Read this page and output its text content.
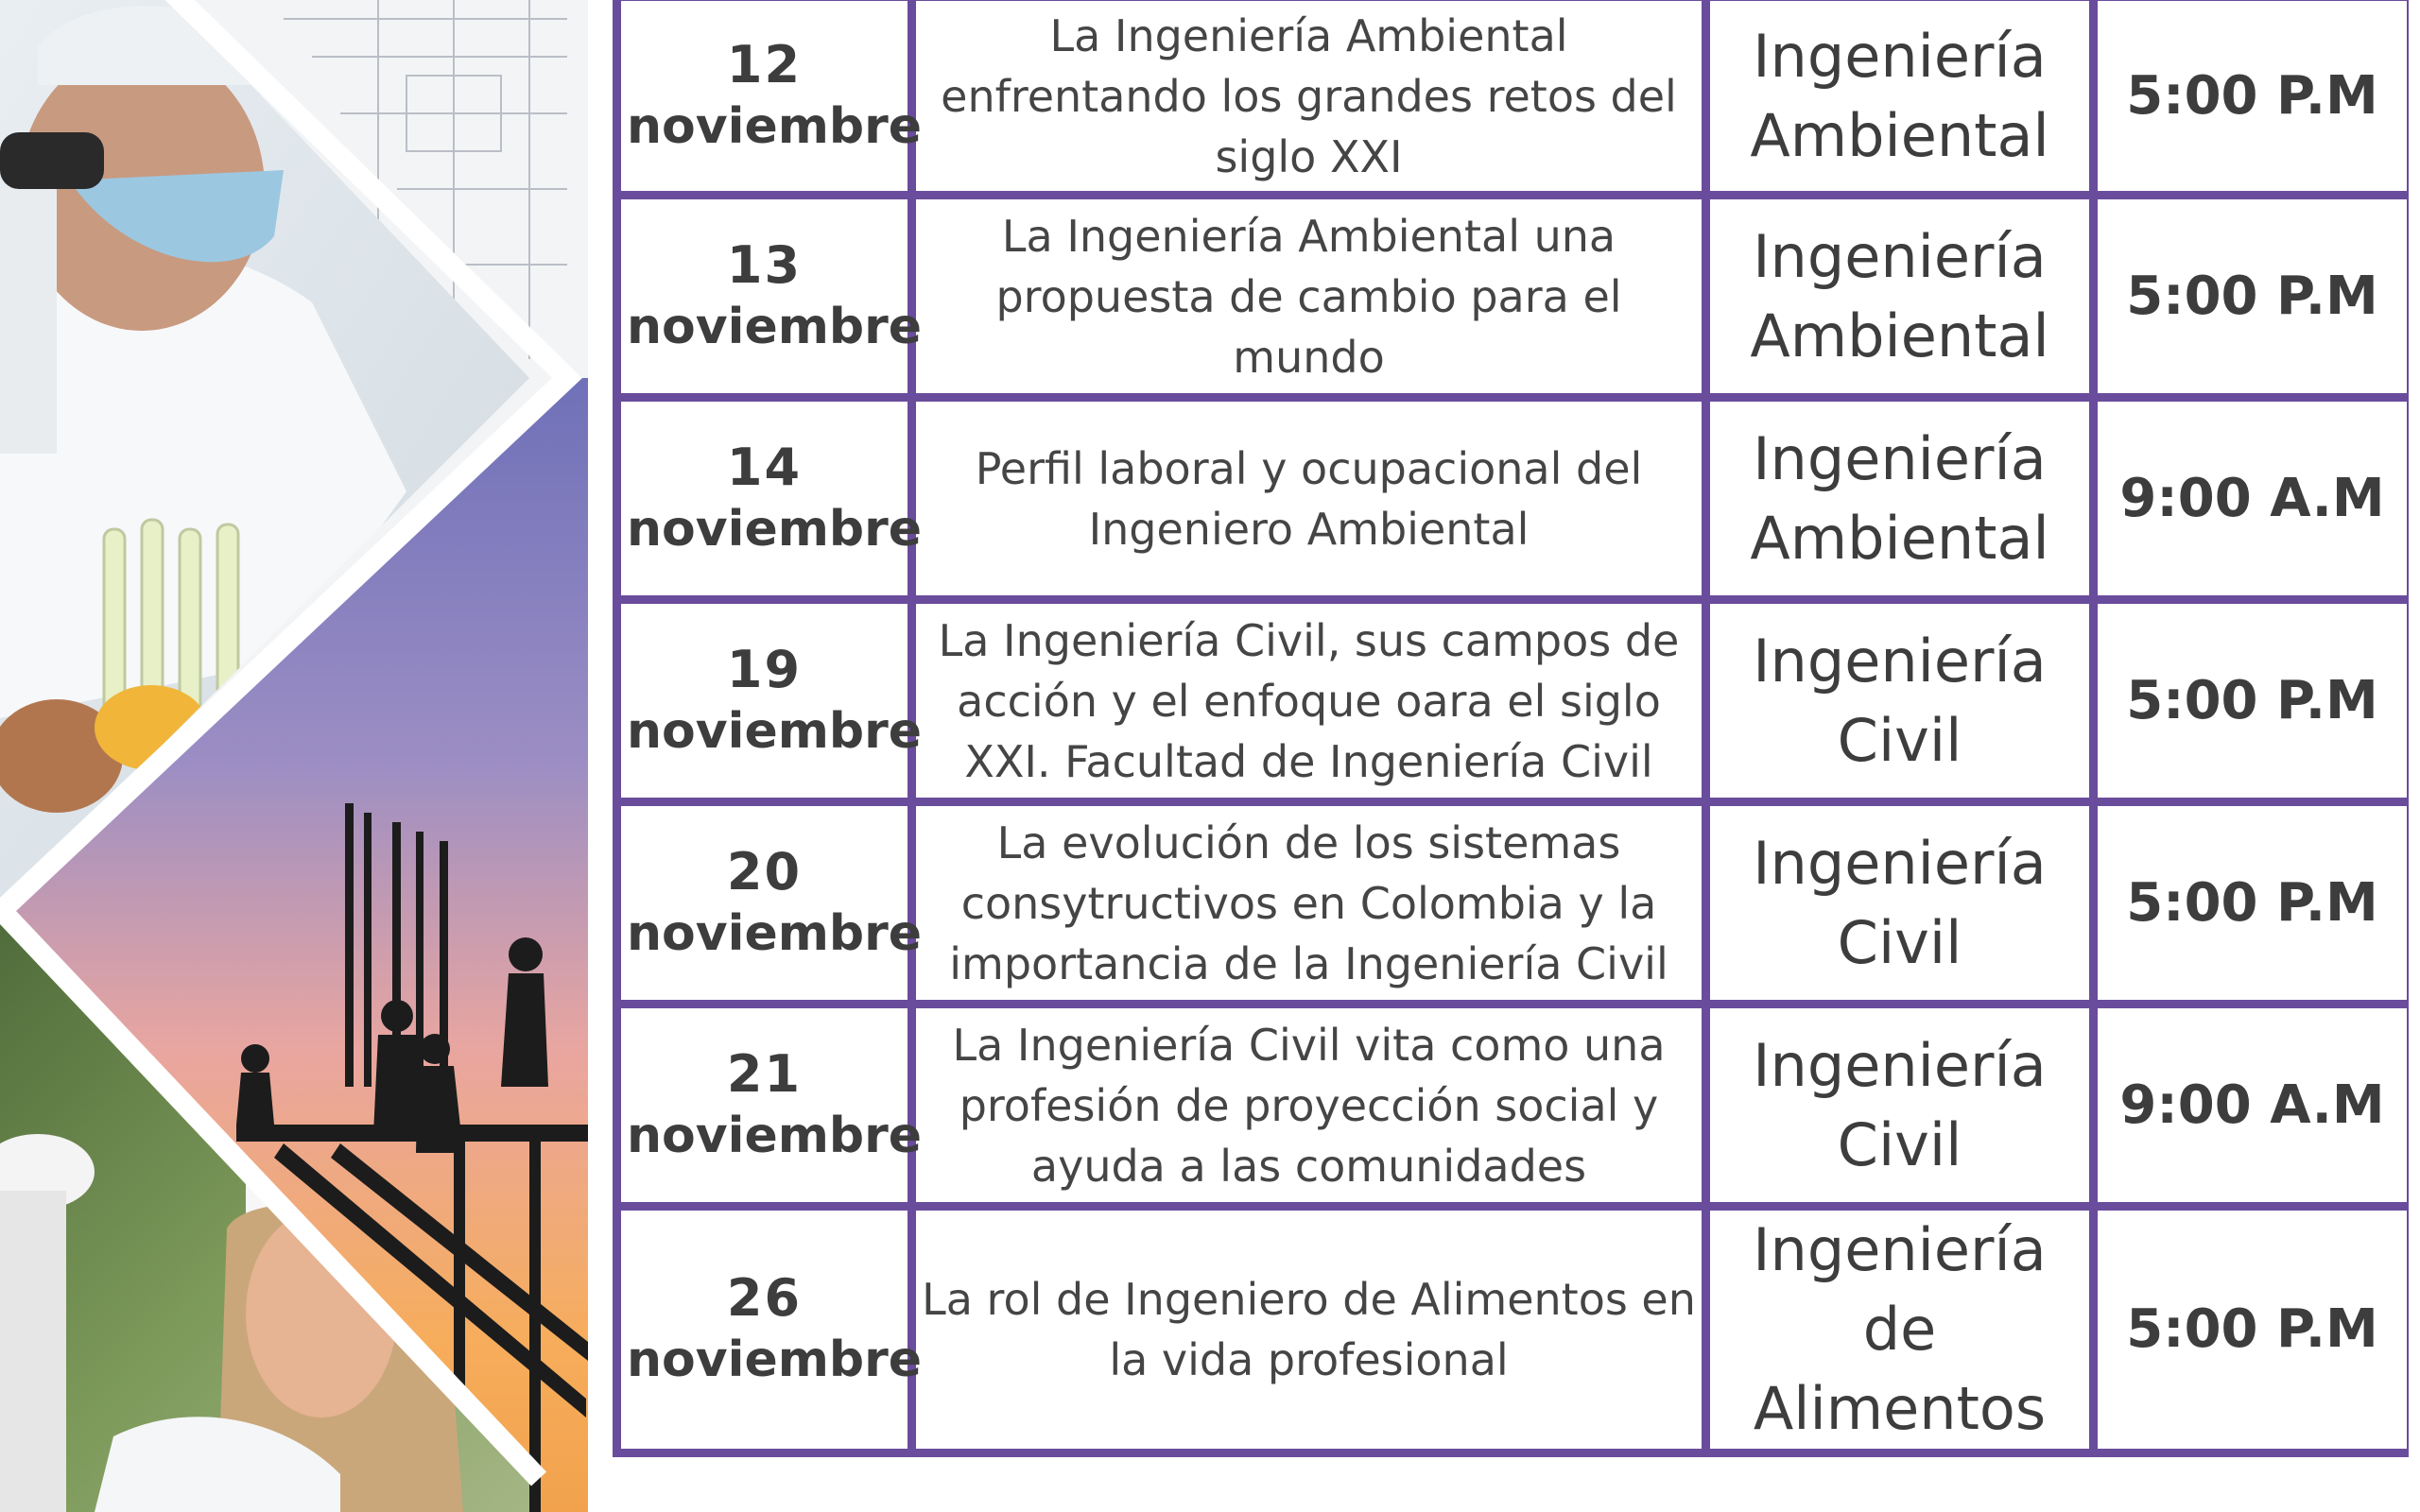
12
noviembre	La Ingeniería Ambiental enfrentando los grandes retos del siglo XXI	Ingeniería Ambiental	5:00 P.M

13
noviembre	La Ingeniería Ambiental una propuesta de cambio para el mundo	Ingeniería Ambiental	5:00 P.M

14
noviembre	Perfil laboral y ocupacional del Ingeniero Ambiental	Ingeniería Ambiental	9:00 A.M

19
noviembre	La Ingeniería Civil, sus campos de acción y el enfoque oara el siglo XXI. Facultad de Ingeniería Civil	Ingeniería Civil	5:00 P.M

20
noviembre	La evolución de los sistemas consytructivos en Colombia y la importancia de la Ingeniería Civil	Ingeniería Civil	5:00 P.M

21
noviembre	La Ingeniería Civil vita como una profesión de proyección social y ayuda a las comunidades	Ingeniería Civil	9:00 A.M

26
noviembre	La rol de Ingeniero de Alimentos en la vida profesional	Ingeniería de Alimentos	5:00 P.M
